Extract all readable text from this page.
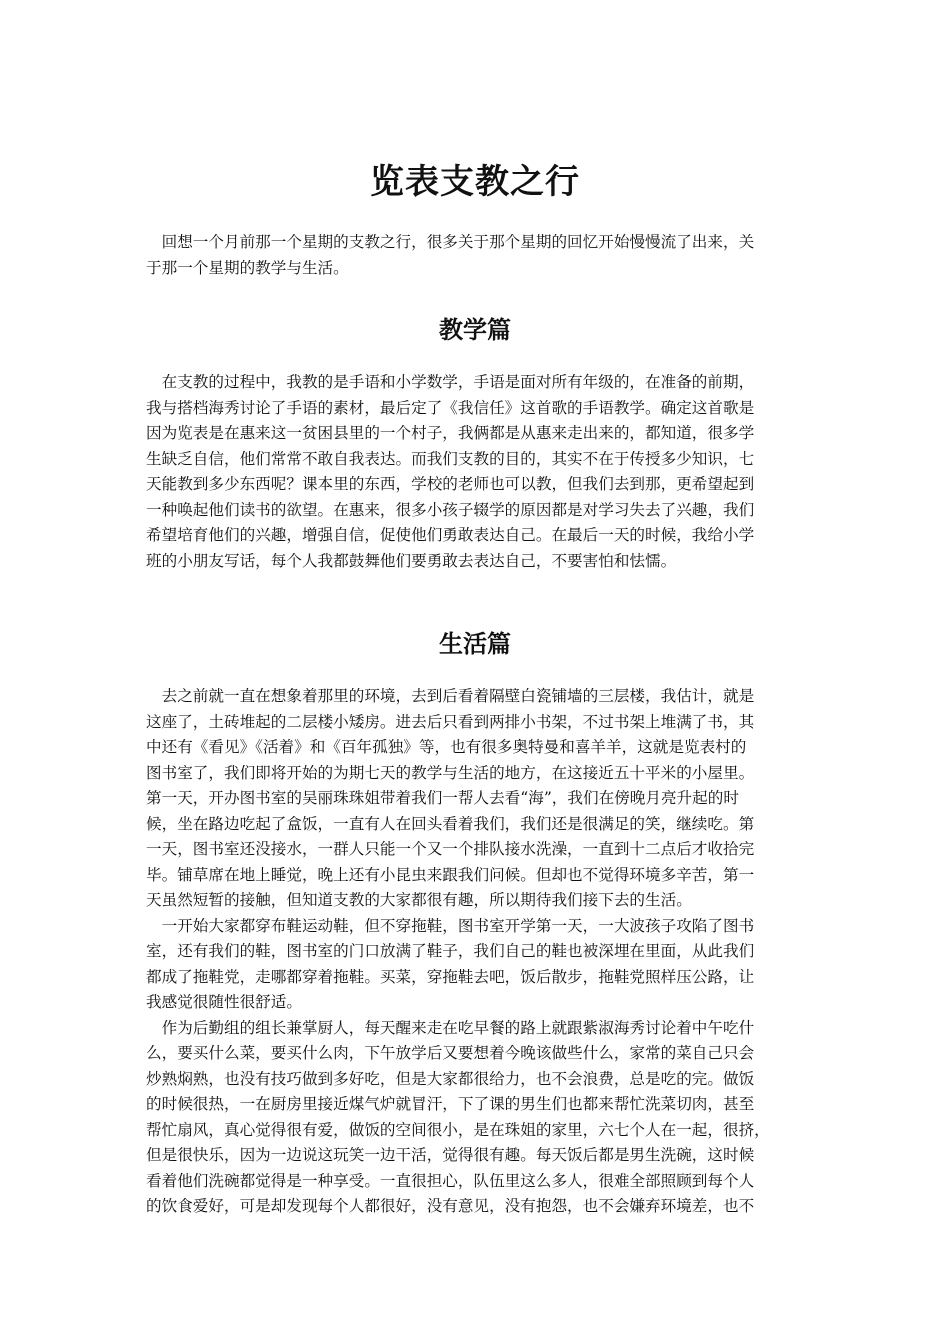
览表支教之行
　回想一个月前那一个星期的支教之行，很多关于那个星期的回忆开始慢慢流了出来，关
于那一个星期的教学与生活。
教学篇
　在支教的过程中，我教的是手语和小学数学，手语是面对所有年级的，在准备的前期，
我与搭档海秀讨论了手语的素材，最后定了《我信任》这首歌的手语教学。确定这首歌是
因为览表是在惠来这一贫困县里的一个村子，我俩都是从惠来走出来的，都知道，很多学
生缺乏自信，他们常常不敢自我表达。而我们支教的目的，其实不在于传授多少知识，七
天能教到多少东西呢？课本里的东西，学校的老师也可以教，但我们去到那，更希望起到
一种唤起他们读书的欲望。在惠来，很多小孩子辍学的原因都是对学习失去了兴趣，我们
希望培育他们的兴趣，增强自信，促使他们勇敢表达自己。在最后一天的时候，我给小学
班的小朋友写话，每个人我都鼓舞他们要勇敢去表达自己，不要害怕和怯懦。
生活篇
　去之前就一直在想象着那里的环境，去到后看着隔壁白瓷铺墙的三层楼，我估计，就是
这座了，土砖堆起的二层楼小矮房。进去后只看到两排小书架，不过书架上堆满了书，其
中还有《看见》《活着》和《百年孤独》等，也有很多奥特曼和喜羊羊，这就是览表村的
图书室了，我们即将开始的为期七天的教学与生活的地方，在这接近五十平米的小屋里。
第一天，开办图书室的吴丽珠珠姐带着我们一帮人去看“海”，我们在傍晚月亮升起的时
候，坐在路边吃起了盒饭，一直有人在回头看着我们，我们还是很满足的笑，继续吃。第
一天，图书室还没接水，一群人只能一个又一个排队接水洗澡，一直到十二点后才收拾完
毕。铺草席在地上睡觉，晚上还有小昆虫来跟我们问候。但却也不觉得环境多辛苦，第一
天虽然短暂的接触，但知道支教的大家都很有趣，所以期待我们接下去的生活。
　一开始大家都穿布鞋运动鞋，但不穿拖鞋，图书室开学第一天，一大波孩子攻陷了图书
室，还有我们的鞋，图书室的门口放满了鞋子，我们自己的鞋也被深埋在里面，从此我们
都成了拖鞋党，走哪都穿着拖鞋。买菜，穿拖鞋去吧，饭后散步，拖鞋党照样压公路，让
我感觉很随性很舒适。
　作为后勤组的组长兼掌厨人，每天醒来走在吃早餐的路上就跟紫淑海秀讨论着中午吃什
么，要买什么菜，要买什么肉，下午放学后又要想着今晚该做些什么，家常的菜自己只会
炒熟焖熟，也没有技巧做到多好吃，但是大家都很给力，也不会浪费，总是吃的完。做饭
的时候很热，一在厨房里接近煤气炉就冒汗，下了课的男生们也都来帮忙洗菜切肉，甚至
帮忙扇风，真心觉得很有爱，做饭的空间很小，是在珠姐的家里，六七个人在一起，很挤，
但是很快乐，因为一边说这玩笑一边干活，觉得很有趣。每天饭后都是男生洗碗，这时候
看着他们洗碗都觉得是一种享受。一直很担心，队伍里这么多人，很难全部照顾到每个人
的饮食爱好，可是却发现每个人都很好，没有意见，没有抱怨，也不会嫌弃环境差，也不
